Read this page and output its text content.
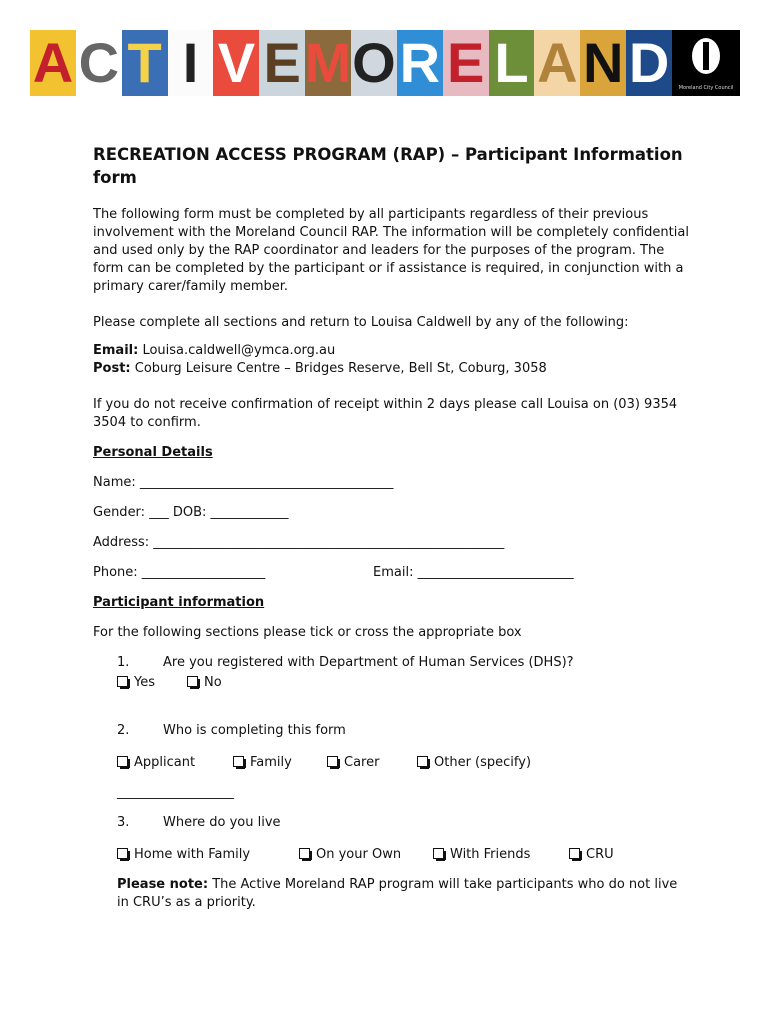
A C T I V E M O R E L A N D	Moreland City Council
RECREATION ACCESS PROGRAM (RAP) – Participant Information form

The following form must be completed by all participants regardless of their previous involvement with the Moreland Council RAP. The information will be completely confidential and used only by the RAP coordinator and leaders for the purposes of the program. The form can be completed by the participant or if assistance is required, in conjunction with a primary carer/family member.

Please complete all sections and return to Louisa Caldwell by any of the following:

Email: Louisa.caldwell@ymca.org.au

Post: Coburg Leisure Centre – Bridges Reserve, Bell St, Coburg, 3058

If you do not receive confirmation of receipt within 2 days please call Louisa on (03) 9354 3504 to confirm.

Personal Details
Name: _______________________________________
Gender: ___ DOB: ____________
Address: ______________________________________________________
Phone: ___________________	Email: ________________________
Participant information

For the following sections please tick or cross the appropriate box

1.	Are you registered with Department of Human Services (DHS)?
Yes	No
2.	Who is completing this form
Applicant	Family	Carer	Other (specify)
__________________
3.	Where do you live
Home with Family	On your Own	With Friends	CRU

Please note: The Active Moreland RAP program will take participants who do not live in CRU’s as a priority.
